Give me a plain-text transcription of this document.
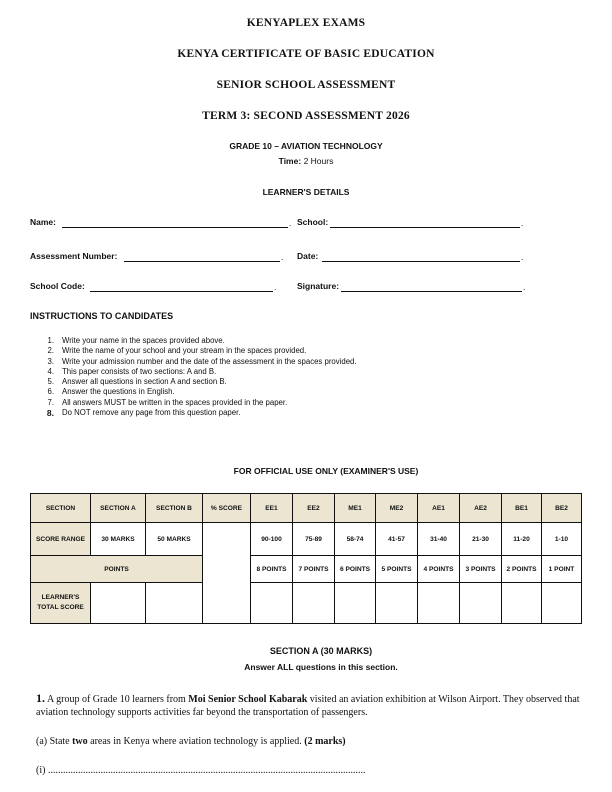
KENYAPLEX EXAMS
KENYA CERTIFICATE OF BASIC EDUCATION
SENIOR SCHOOL ASSESSMENT
TERM 3: SECOND ASSESSMENT 2026
GRADE 10 – AVIATION TECHNOLOGY
Time: 2 Hours
LEARNER'S DETAILS
Name:	. School:	.
Assessment Number:	. Date:	.
School Code:	. Signature:	.
INSTRUCTIONS TO CANDIDATES
1.	Write your name in the spaces provided above.
2.	Write the name of your school and your stream in the spaces provided.
3.	Write your admission number and the date of the assessment in the spaces provided.
4.	This paper consists of two sections: A and B.
5.	Answer all questions in section A and section B.
6.	Answer the questions in English.
7.	All answers MUST be written in the spaces provided in the paper.
8.	Do NOT remove any page from this question paper.
FOR OFFICIAL USE ONLY (EXAMINER'S USE)
SECTION	SECTION A	SECTION B	% SCORE	EE1	EE2	ME1	ME2	AE1	AE2	BE1	BE2
SCORE RANGE	30 MARKS	50 MARKS		90-100	75-89	58-74	41-57	31-40	21-30	11-20	1-10
POINTS				8 POINTS	7 POINTS	6 POINTS	5 POINTS	4 POINTS	3 POINTS	2 POINTS	1 POINT
LEARNER'S TOTAL SCORE											
SECTION A (30 MARKS)
Answer ALL questions in this section.
1. A group of Grade 10 learners from Moi Senior School Kabarak visited an aviation exhibition at Wilson Airport. They observed that aviation technology supports activities far beyond the transportation of passengers.
(a) State two areas in Kenya where aviation technology is applied. (2 marks)
(i) ...............................................................................................................................
